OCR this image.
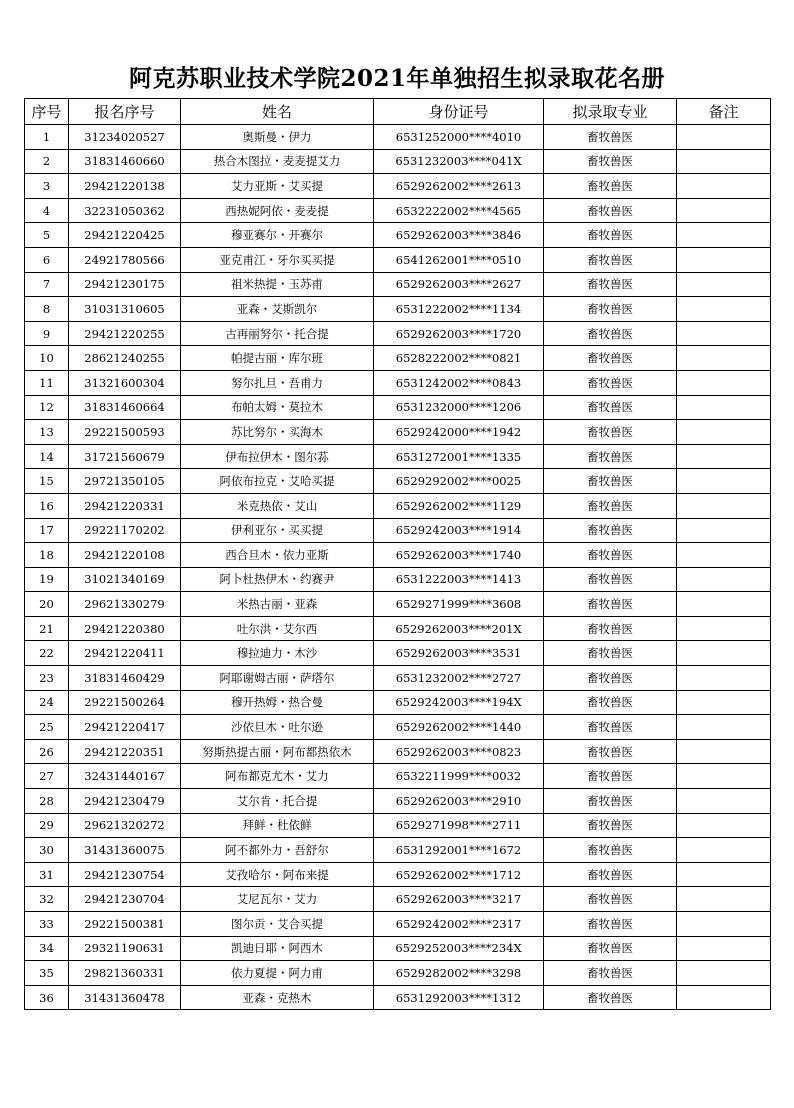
阿克苏职业技术学院2021年单独招生拟录取花名册
序号	报名序号	姓名	身份证号	拟录取专业	备注
1	31234020527	奥斯曼・伊力	6531252000****4010	畜牧兽医	
2	31831460660	热合木图拉・麦麦提艾力	6531232003****041X	畜牧兽医	
3	29421220138	艾力亚斯・艾买提	6529262002****2613	畜牧兽医	
4	32231050362	西热妮阿依・麦麦提	6532222002****4565	畜牧兽医	
5	29421220425	穆亚赛尔・开赛尔	6529262003****3846	畜牧兽医	
6	24921780566	亚克甫江・牙尔买买提	6541262001****0510	畜牧兽医	
7	29421230175	祖米热提・玉苏甫	6529262003****2627	畜牧兽医	
8	31031310605	亚森・艾斯凯尔	6531222002****1134	畜牧兽医	
9	29421220255	古再丽努尔・托合提	6529262003****1720	畜牧兽医	
10	28621240255	帕提古丽・库尔班	6528222002****0821	畜牧兽医	
11	31321600304	努尔扎旦・吾甫力	6531242002****0843	畜牧兽医	
12	31831460664	布帕太姆・莫拉木	6531232000****1206	畜牧兽医	
13	29221500593	苏比努尔・买海木	6529242000****1942	畜牧兽医	
14	31721560679	伊布拉伊木・图尔荪	6531272001****1335	畜牧兽医	
15	29721350105	阿依布拉克・艾哈买提	6529292002****0025	畜牧兽医	
16	29421220331	米克热依・艾山	6529262002****1129	畜牧兽医	
17	29221170202	伊利亚尔・买买提	6529242003****1914	畜牧兽医	
18	29421220108	西合旦木・依力亚斯	6529262003****1740	畜牧兽医	
19	31021340169	阿卜杜热伊木・约赛尹	6531222003****1413	畜牧兽医	
20	29621330279	米热古丽・亚森	6529271999****3608	畜牧兽医	
21	29421220380	吐尔洪・艾尔西	6529262003****201X	畜牧兽医	
22	29421220411	穆拉迪力・木沙	6529262003****3531	畜牧兽医	
23	31831460429	阿耶谢姆古丽・萨塔尔	6531232002****2727	畜牧兽医	
24	29221500264	穆开热姆・热合曼	6529242003****194X	畜牧兽医	
25	29421220417	沙依旦木・吐尔逊	6529262002****1440	畜牧兽医	
26	29421220351	努斯热提古丽・阿布都热依木	6529262003****0823	畜牧兽医	
27	32431440167	阿布都克尤木・艾力	6532211999****0032	畜牧兽医	
28	29421230479	艾尔肯・托合提	6529262003****2910	畜牧兽医	
29	29621320272	拜鲜・杜依鲜	6529271998****2711	畜牧兽医	
30	31431360075	阿不都外力・吾舒尔	6531292001****1672	畜牧兽医	
31	29421230754	艾孜哈尔・阿布来提	6529262002****1712	畜牧兽医	
32	29421230704	艾尼瓦尔・艾力	6529262003****3217	畜牧兽医	
33	29221500381	图尔贡・艾合买提	6529242002****2317	畜牧兽医	
34	29321190631	凯迪日耶・阿西木	6529252003****234X	畜牧兽医	
35	29821360331	依力夏提・阿力甫	6529282002****3298	畜牧兽医	
36	31431360478	亚森・克热木	6531292003****1312	畜牧兽医	
